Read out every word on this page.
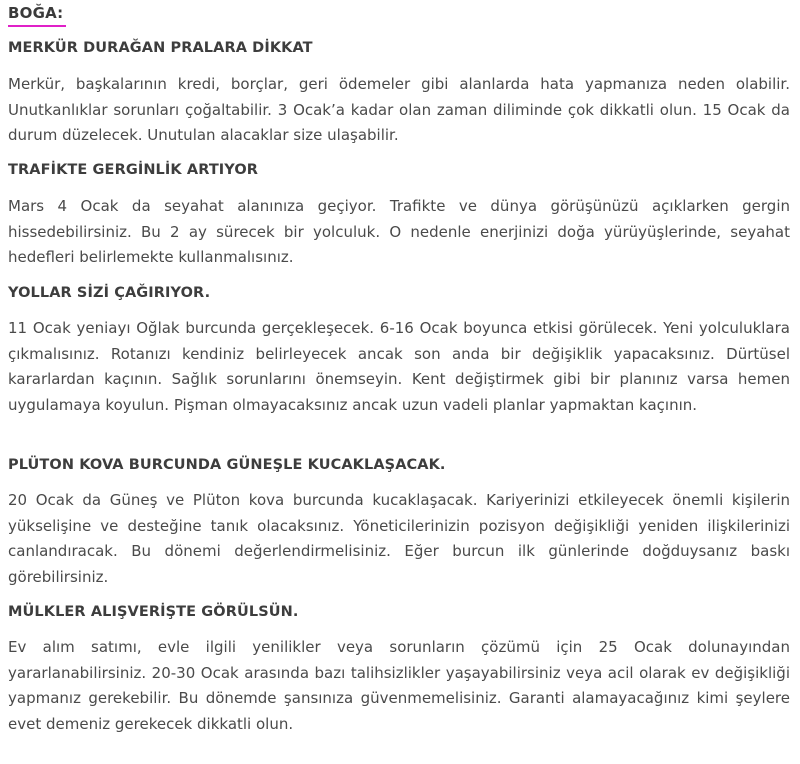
BOĞA:
MERKÜR DURAĞAN PRALARA DİKKAT

Merkür, başkalarının kredi, borçlar, geri ödemeler gibi alanlarda hata yapmanıza neden olabilir. Unutkanlıklar sorunları çoğaltabilir. 3 Ocak’a kadar olan zaman diliminde çok dikkatli olun. 15 Ocak da durum düzelecek. Unutulan alacaklar size ulaşabilir.

TRAFİKTE GERGİNLİK ARTIYOR

Mars 4 Ocak da seyahat alanınıza geçiyor. Trafikte ve dünya görüşünüzü açıklarken gergin hissedebilirsiniz. Bu 2 ay sürecek bir yolculuk. O nedenle enerjinizi doğa yürüyüşlerinde, seyahat hedefleri belirlemekte kullanmalısınız.

YOLLAR SİZİ ÇAĞIRIYOR.

11 Ocak yeniayı Oğlak burcunda gerçekleşecek. 6-16 Ocak boyunca etkisi görülecek. Yeni yolculuklara çıkmalısınız. Rotanızı kendiniz belirleyecek ancak son anda bir değişiklik yapacaksınız. Dürtüsel kararlardan kaçının. Sağlık sorunlarını önemseyin. Kent değiştirmek gibi bir planınız varsa hemen uygulamaya koyulun. Pişman olmayacaksınız ancak uzun vadeli planlar yapmaktan kaçının.

PLÜTON KOVA BURCUNDA GÜNEŞLE KUCAKLAŞACAK.

20 Ocak da Güneş ve Plüton kova burcunda kucaklaşacak. Kariyerinizi etkileyecek önemli kişilerin yükselişine ve desteğine tanık olacaksınız. Yöneticilerinizin pozisyon değişikliği yeniden ilişkilerinizi canlandıracak. Bu dönemi değerlendirmelisiniz. Eğer burcun ilk günlerinde doğduysanız baskı görebilirsiniz.

MÜLKLER ALIŞVERİŞTE GÖRÜLSÜN.

Ev alım satımı, evle ilgili yenilikler veya sorunların çözümü için 25 Ocak dolunayından yararlanabilirsiniz. 20-30 Ocak arasında bazı talihsizlikler yaşayabilirsiniz veya acil olarak ev değişikliği yapmanız gerekebilir. Bu dönemde şansınıza güvenmemelisiniz. Garanti alamayacağınız kimi şeylere evet demeniz gerekecek dikkatli olun.
